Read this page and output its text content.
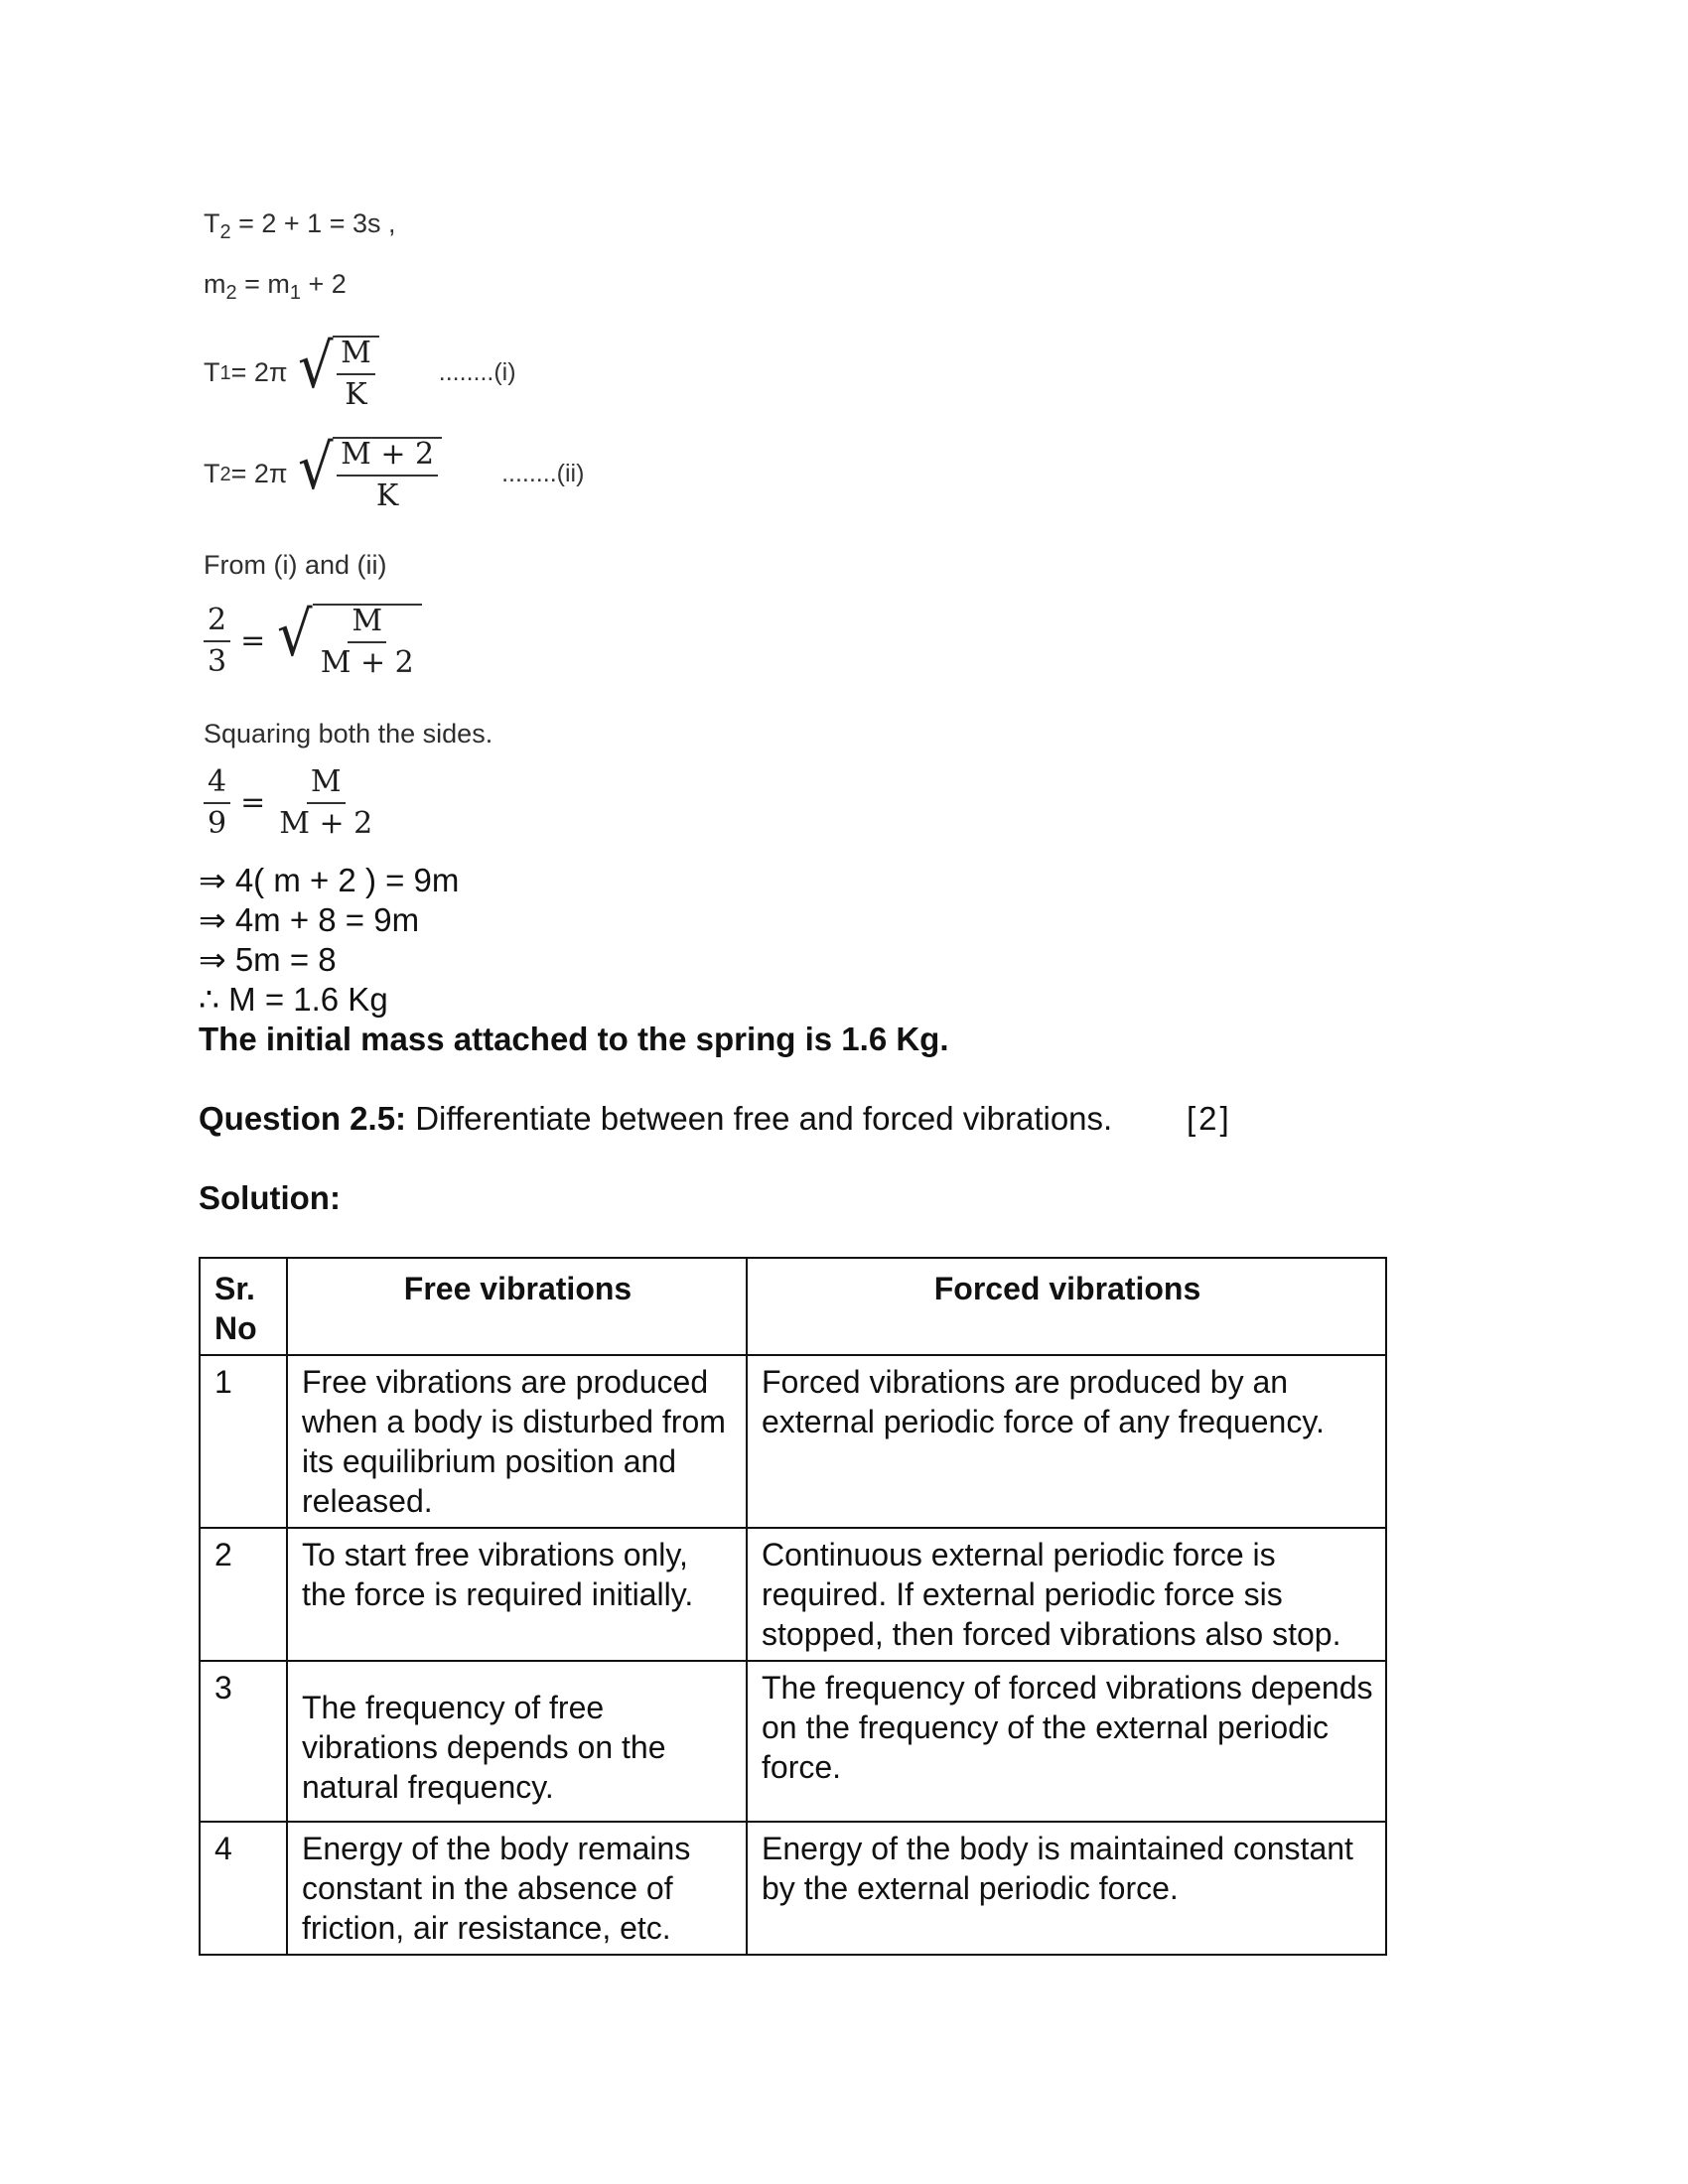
$T_2 = 2 + 1 = 3s$ ,
$m_2 = m_1 + 2$
T 1 = 2π √ $\frac{M}{K}$	........(i)
T 2 = 2π √ $\frac{M + 2}{K}$	........(ii)
From (i) and (ii)
$\frac{2}{3}$ = √ $\frac{M}{M + 2}$
Squaring both the sides.
$\frac{4}{9} = \frac{M}{M + 2}$
⇒ 4( m + 2 ) = 9m
⇒ 4m + 8 = 9m
⇒ 5m = 8
∴ M = 1.6 Kg
The initial mass attached to the spring is 1.6 Kg.
Question 2.5: Differentiate between free and forced vibrations. [2]
Solution:
Sr. No	Free vibrations	Forced vibrations
1	Free vibrations are produced when a body is disturbed from its equilibrium position and released.	Forced vibrations are produced by an external periodic force of any frequency.
2	To start free vibrations only, the force is required initially.	Continuous external periodic force is required. If external periodic force sis stopped, then forced vibrations also stop.
3	The frequency of free vibrations depends on the natural frequency.	The frequency of forced vibrations depends on the frequency of the external periodic force.
4	Energy of the body remains constant in the absence of friction, air resistance, etc.	Energy of the body is maintained constant by the external periodic force.
